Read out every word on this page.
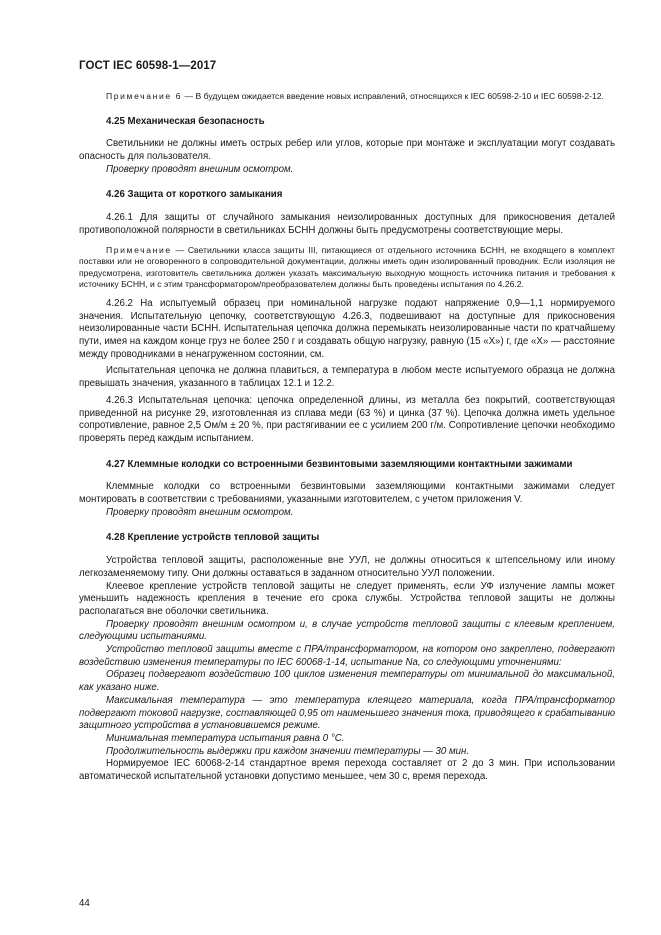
ГОСТ IEC 60598-1—2017

Примечание 6 — В будущем ожидается введение новых исправлений, относящихся к IEC 60598-2-10 и IEC 60598-2-12.

4.25 Механическая безопасность

Светильники не должны иметь острых ребер или углов, которые при монтаже и эксплуатации могут создавать опасность для пользователя.

Проверку проводят внешним осмотром.

4.26 Защита от короткого замыкания

4.26.1 Для защиты от случайного замыкания неизолированных доступных для прикосновения деталей противоположной полярности в светильниках БСНН должны быть предусмотрены соответствующие меры.

Примечание — Светильники класса защиты III, питающиеся от отдельного источника БСНН, не входящего в комплект поставки или не оговоренного в сопроводительной документации, должны иметь один изолированный проводник. Если изоляция не предусмотрена, изготовитель светильника должен указать максимальную выходную мощность источника питания и требования к источнику БСНН, и с этим трансформатором/преобразователем должны быть проведены испытания по 4.26.2.

4.26.2 На испытуемый образец при номинальной нагрузке подают напряжение 0,9—1,1 нормируемого значения. Испытательную цепочку, соответствующую 4.26.3, подвешивают на доступные для прикосновения неизолированные части БСНН. Испытательная цепочка должна перемыкать неизолированные части по кратчайшему пути, имея на каждом конце груз не более 250 г и создавать общую нагрузку, равную (15 «X») г, где «X» — расстояние между проводниками в ненагруженном состоянии, см.

Испытательная цепочка не должна плавиться, а температура в любом месте испытуемого образца не должна превышать значения, указанного в таблицах 12.1 и 12.2.

4.26.3 Испытательная цепочка: цепочка определенной длины, из металла без покрытий, соответствующая приведенной на рисунке 29, изготовленная из сплава меди (63 %) и цинка (37 %). Цепочка должна иметь удельное сопротивление, равное 2,5 Ом/м ± 20 %, при растягивании ее с усилием 200 г/м. Сопротивление цепочки необходимо проверять перед каждым испытанием.

4.27 Клеммные колодки со встроенными безвинтовыми заземляющими контактными зажимами

Клеммные колодки со встроенными безвинтовыми заземляющими контактными зажимами следует монтировать в соответствии с требованиями, указанными изготовителем, с учетом приложения V.

Проверку проводят внешним осмотром.

4.28 Крепление устройств тепловой защиты

Устройства тепловой защиты, расположенные вне УУЛ, не должны относиться к штепсельному или иному легкозаменяемому типу. Они должны оставаться в заданном относительно УУЛ положении.

Клеевое крепление устройств тепловой защиты не следует применять, если УФ излучение лампы может уменьшить надежность крепления в течение его срока службы. Устройства тепловой защиты не должны располагаться вне оболочки светильника.

Проверку проводят внешним осмотром и, в случае устройств тепловой защиты с клеевым креплением, следующими испытаниями.

Устройство тепловой защиты вместе с ПРА/трансформатором, на котором оно закреплено, подвергают воздействию изменения температуры по IEC 60068-1-14, испытание Na, со следующими уточнениями:

Образец подвергают воздействию 100 циклов изменения температуры от минимальной до максимальной, как указано ниже.

Максимальная температура — это температура клеящего материала, когда ПРА/трансформатор подвергают токовой нагрузке, составляющей 0,95 от наименьшего значения тока, приводящего к срабатыванию защитного устройства в установившемся режиме.

Минимальная температура испытания равна 0 °С.

Продолжительность выдержки при каждом значении температуры — 30 мин.

Нормируемое IEC 60068-2-14 стандартное время перехода составляет от 2 до 3 мин. При использовании автоматической испытательной установки допустимо меньшее, чем 30 с, время перехода.

44
